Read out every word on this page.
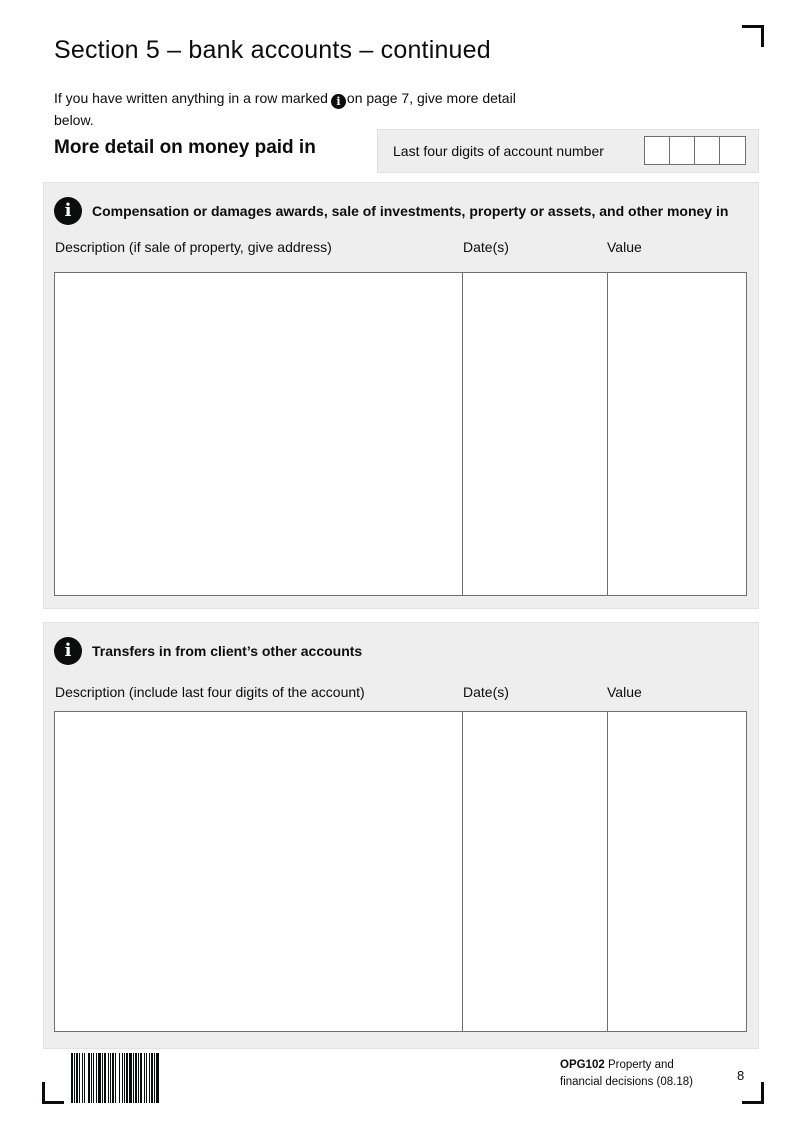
Section 5 – bank accounts – continued

If you have written anything in a row marked i on page 7, give more detail below.

More detail on money paid in	Last four digits of account number
i	Compensation or damages awards, sale of investments, property or assets, and other money in
Description (if sale of property, give address)	Date(s)	Value
i	Transfers in from client’s other accounts
Description (include last four digits of the account)	Date(s)	Value
OPG102 Property and
financial decisions (08.18)	8
